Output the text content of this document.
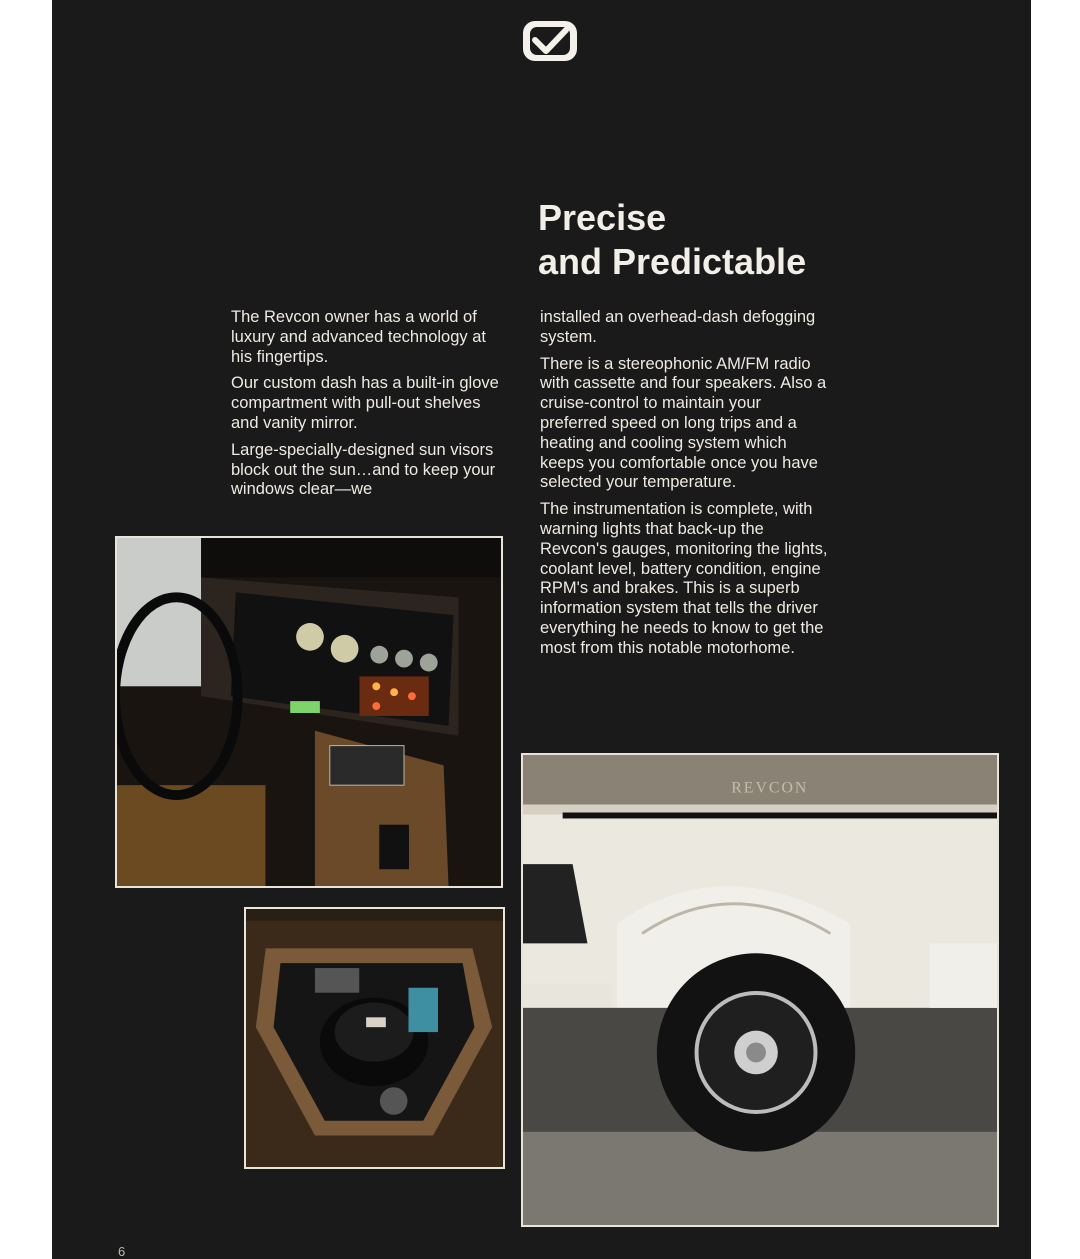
Precise
and Predictable

The Revcon owner has a world of luxury and advanced technology at his fingertips.

Our custom dash has a built-in glove compartment with pull-out shelves and vanity mirror.

Large-specially-designed sun visors block out the sun…and to keep your windows clear—we

installed an overhead-dash defogging system.

There is a stereophonic AM/FM radio with cassette and four speakers. Also a cruise-control to maintain your preferred speed on long trips and a heating and cooling system which keeps you comfortable once you have selected your temperature.

The instrumentation is complete, with warning lights that back-up the Revcon's gauges, monitoring the lights, coolant level, battery condition, engine RPM's and brakes. This is a superb information system that tells the driver everything he needs to know to get the most from this notable motorhome.

REVCON
6
